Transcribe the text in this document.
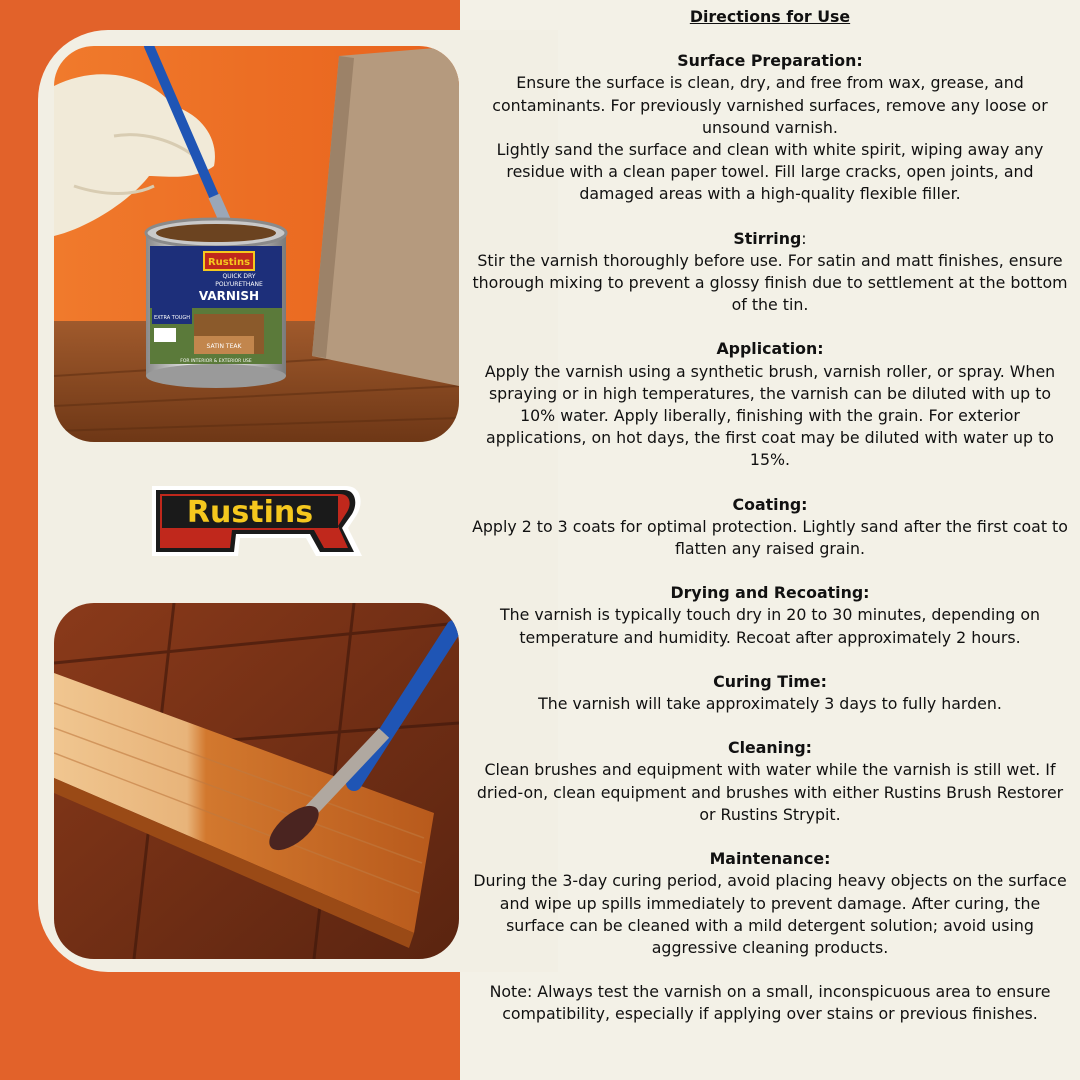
Rustins
QUICK DRY
POLYURETHANE
VARNISH
EXTRA TOUGH
SATIN TEAK
FOR INTERIOR & EXTERIOR USE
Rustins
Directions for Use
Surface Preparation:

Ensure the surface is clean, dry, and free from wax, grease, and contaminants. For previously varnished surfaces, remove any loose or unsound varnish.

Lightly sand the surface and clean with white spirit, wiping away any residue with a clean paper towel. Fill large cracks, open joints, and damaged areas with a high-quality flexible filler.

Stirring:

Stir the varnish thoroughly before use. For satin and matt finishes, ensure thorough mixing to prevent a glossy finish due to settlement at the bottom of the tin.

Application:

Apply the varnish using a synthetic brush, varnish roller, or spray. When spraying or in high temperatures, the varnish can be diluted with up to 10% water. Apply liberally, finishing with the grain. For exterior applications, on hot days, the first coat may be diluted with water up to 15%.

Coating:

Apply 2 to 3 coats for optimal protection. Lightly sand after the first coat to flatten any raised grain.

Drying and Recoating:

The varnish is typically touch dry in 20 to 30 minutes, depending on temperature and humidity. Recoat after approximately 2 hours.

Curing Time:

The varnish will take approximately 3 days to fully harden.

Cleaning:

Clean brushes and equipment with water while the varnish is still wet. If dried-on, clean equipment and brushes with either Rustins Brush Restorer or Rustins Strypit.

Maintenance:

During the 3-day curing period, avoid placing heavy objects on the surface and wipe up spills immediately to prevent damage. After curing, the surface can be cleaned with a mild detergent solution; avoid using aggressive cleaning products.

Note: Always test the varnish on a small, inconspicuous area to ensure compatibility, especially if applying over stains or previous finishes.
